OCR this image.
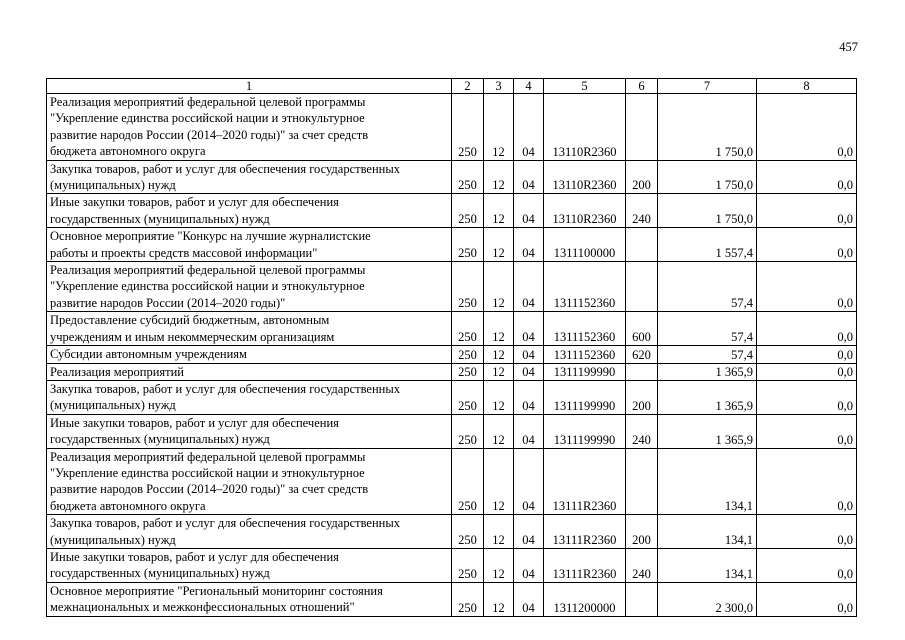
457
1	2	3	4	5	6	7	8
Реализация мероприятий федеральной целевой программы
"Укрепление единства российской нации и этнокультурное
развитие народов России (2014–2020 годы)" за счет средств
бюджета автономного округа	250	12	04	13110R2360		1 750,0	0,0
Закупка товаров, работ и услуг для обеспечения государственных
(муниципальных) нужд	250	12	04	13110R2360	200	1 750,0	0,0
Иные закупки товаров, работ и услуг для обеспечения
государственных (муниципальных) нужд	250	12	04	13110R2360	240	1 750,0	0,0
Основное мероприятие "Конкурс на лучшие журналистские
работы и проекты средств массовой информации"	250	12	04	1311100000		1 557,4	0,0
Реализация мероприятий федеральной целевой программы
"Укрепление единства российской нации и этнокультурное
развитие народов России (2014–2020 годы)"	250	12	04	1311152360		57,4	0,0
Предоставление субсидий бюджетным, автономным
учреждениям и иным некоммерческим организациям	250	12	04	1311152360	600	57,4	0,0
Субсидии автономным учреждениям	250	12	04	1311152360	620	57,4	0,0
Реализация мероприятий	250	12	04	1311199990		1 365,9	0,0
Закупка товаров, работ и услуг для обеспечения государственных
(муниципальных) нужд	250	12	04	1311199990	200	1 365,9	0,0
Иные закупки товаров, работ и услуг для обеспечения
государственных (муниципальных) нужд	250	12	04	1311199990	240	1 365,9	0,0
Реализация мероприятий федеральной целевой программы
"Укрепление единства российской нации и этнокультурное
развитие народов России (2014–2020 годы)" за счет средств
бюджета автономного округа	250	12	04	13111R2360		134,1	0,0
Закупка товаров, работ и услуг для обеспечения государственных
(муниципальных) нужд	250	12	04	13111R2360	200	134,1	0,0
Иные закупки товаров, работ и услуг для обеспечения
государственных (муниципальных) нужд	250	12	04	13111R2360	240	134,1	0,0
Основное мероприятие "Региональный мониторинг состояния
межнациональных и межконфессиональных отношений"	250	12	04	1311200000		2 300,0	0,0
